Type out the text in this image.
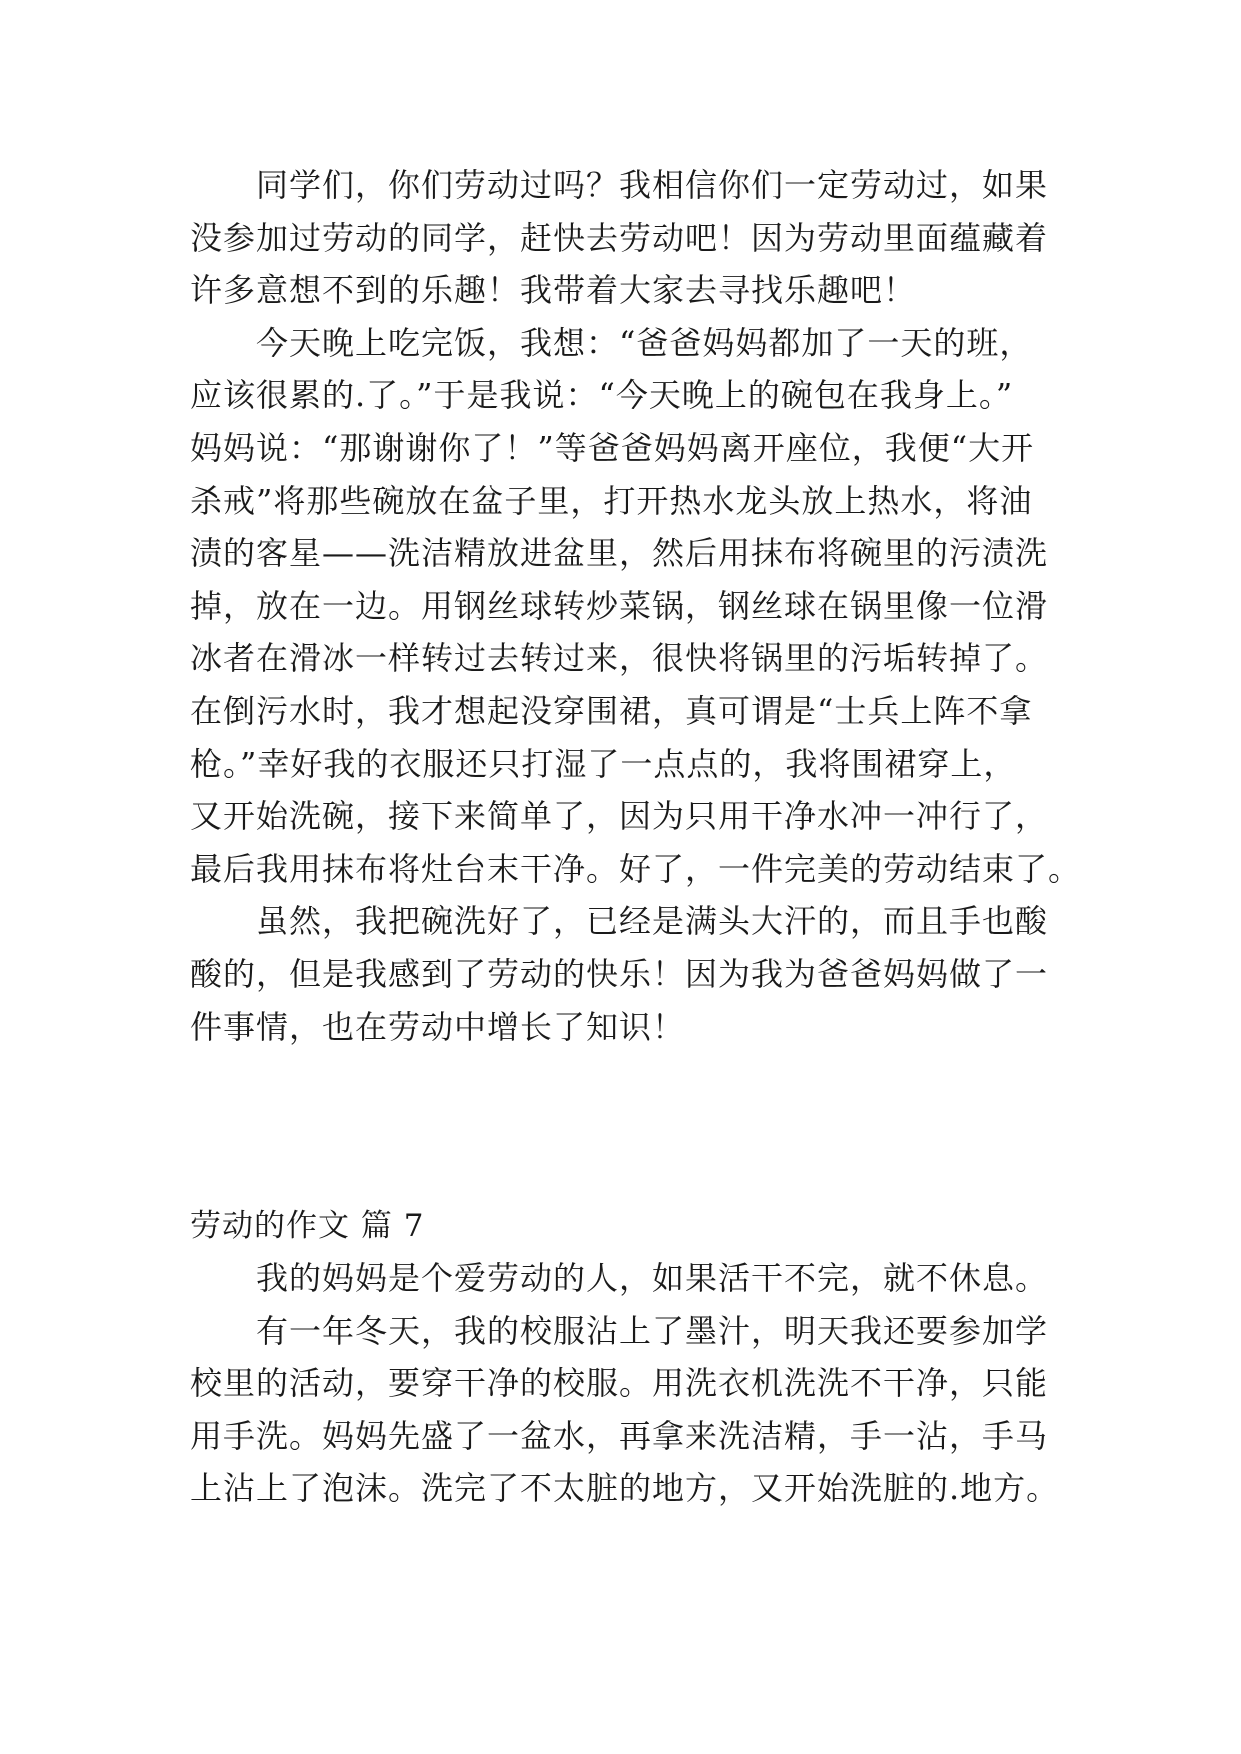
同学们，你们劳动过吗？我相信你们一定劳动过，如果
没参加过劳动的同学，赶快去劳动吧！因为劳动里面蕴藏着
许多意想不到的乐趣！我带着大家去寻找乐趣吧！
今天晚上吃完饭，我想：“爸爸妈妈都加了一天的班，
应该很累的.了。”于是我说：“今天晚上的碗包在我身上。”
妈妈说：“那谢谢你了！”等爸爸妈妈离开座位，我便“大开
杀戒”将那些碗放在盆子里，打开热水龙头放上热水，将油
渍的客星——洗洁精放进盆里，然后用抹布将碗里的污渍洗
掉，放在一边。用钢丝球转炒菜锅，钢丝球在锅里像一位滑
冰者在滑冰一样转过去转过来，很快将锅里的污垢转掉了。
在倒污水时，我才想起没穿围裙，真可谓是“士兵上阵不拿
枪。”幸好我的衣服还只打湿了一点点的，我将围裙穿上，
又开始洗碗，接下来简单了，因为只用干净水冲一冲行了，
最后我用抹布将灶台末干净。好了，一件完美的劳动结束了。
虽然，我把碗洗好了，已经是满头大汗的，而且手也酸
酸的，但是我感到了劳动的快乐！因为我为爸爸妈妈做了一
件事情，也在劳动中增长了知识！
劳动的作文 篇 7
我的妈妈是个爱劳动的人，如果活干不完，就不休息。
有一年冬天，我的校服沾上了墨汁，明天我还要参加学
校里的活动，要穿干净的校服。用洗衣机洗洗不干净，只能
用手洗。妈妈先盛了一盆水，再拿来洗洁精，手一沾，手马
上沾上了泡沫。洗完了不太脏的地方，又开始洗脏的.地方。
